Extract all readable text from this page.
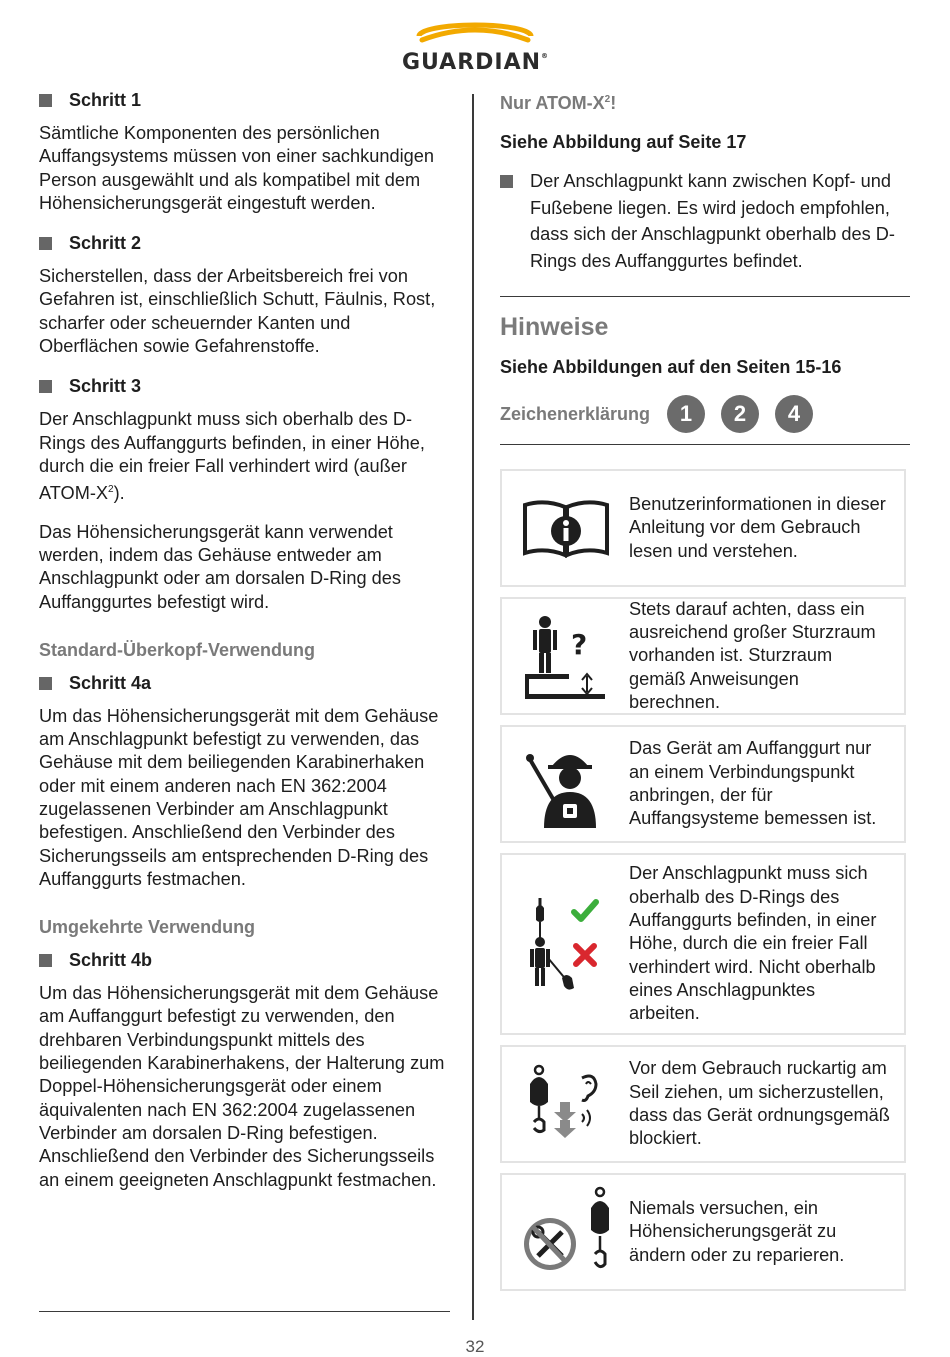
GUARDIAN®
Schritt 1

Sämtliche Komponenten des persönlichen Auffangsystems müssen von einer sachkundigen Person ausgewählt und als kompatibel mit dem Höhensicherungsgerät eingestuft werden.

Schritt 2

Sicherstellen, dass der Arbeitsbereich frei von Gefahren ist, einschließlich Schutt, Fäulnis, Rost, scharfer oder scheuernder Kanten und Oberflächen sowie Gefahrenstoffe.

Schritt 3

Der Anschlagpunkt muss sich oberhalb des D-Rings des Auffanggurts befinden, in einer Höhe, durch die ein freier Fall verhindert wird (außer ATOM-$X^2$).

Das Höhensicherungsgerät kann verwendet werden, indem das Gehäuse entweder am Anschlagpunkt oder am dorsalen D-Ring des Auffanggurtes befestigt wird.

Standard-Überkopf-Verwendung
Schritt 4a

Um das Höhensicherungsgerät mit dem Gehäuse am Anschlagpunkt befestigt zu verwenden, das Gehäuse mit dem beiliegenden Karabinerhaken oder mit einem anderen nach EN 362:2004 zugelassenen Verbinder am Anschlagpunkt befestigen. Anschließend den Verbinder des Sicherungsseils am entsprechenden D-Ring des Auffanggurts festmachen.

Umgekehrte Verwendung
Schritt 4b

Um das Höhensicherungsgerät mit dem Gehäuse am Auffanggurt befestigt zu verwenden, den drehbaren Verbindungspunkt mittels des beiliegenden Karabinerhakens, der Halterung zum Doppel-Höhensicherungsgerät oder einem äquivalenten nach EN 362:2004 zugelassenen Verbinder am dorsalen D-Ring befestigen. Anschließend den Verbinder des Sicherungsseils an einem geeigneten Anschlagpunkt festmachen.

Nur ATOM-$X^2$!
Siehe Abbildung auf Seite 17

Der Anschlagpunkt kann zwischen Kopf- und Fußebene liegen. Es wird jedoch empfohlen, dass sich der Anschlagpunkt oberhalb des D-Rings des Auffanggurtes befindet.

Hinweise
Siehe Abbildungen auf den Seiten 15-16
Zeichenerklärung	1	2	4
Benutzerinformationen in dieser Anleitung vor dem Gebrauch lesen und verstehen.
?
Stets darauf achten, dass ein ausreichend großer Sturzraum vorhanden ist. Sturzraum gemäß Anweisungen berechnen.
Das Gerät am Auffanggurt nur an einem Verbindungspunkt anbringen, der für Auffangsysteme bemessen ist.
Der Anschlagpunkt muss sich oberhalb des D-Rings des Auffanggurts befinden, in einer Höhe, durch die ein freier Fall verhindert wird. Nicht oberhalb eines Anschlagpunktes arbeiten.
Vor dem Gebrauch ruckartig am Seil ziehen, um sicherzustellen, dass das Gerät ordnungsgemäß blockiert.
Niemals versuchen, ein Höhensicherungsgerät zu ändern oder zu reparieren.
32
